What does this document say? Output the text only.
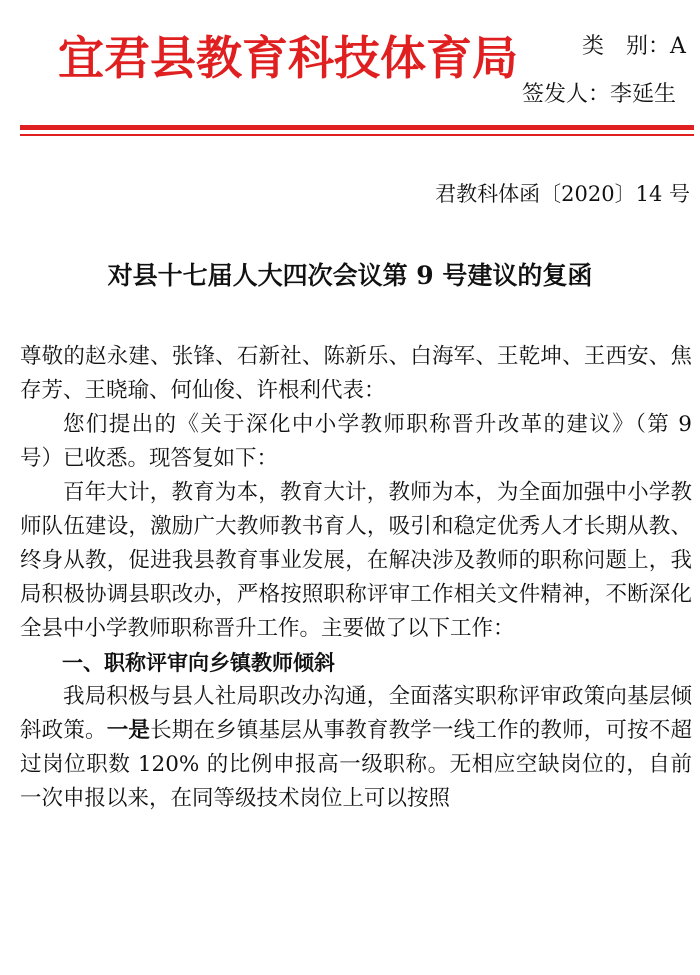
宜君县教育科技体育局	类　别：A
签发人：李延生
君教科体函〔2020〕14 号
对县十七届人大四次会议第 9 号建议的复函

尊敬的赵永建、张锋、石新社、陈新乐、白海军、王乾坤、王西安、焦存芳、王晓瑜、何仙俊、许根利代表：

您们提出的《关于深化中小学教师职称晋升改革的建议》（第 9 号）已收悉。现答复如下：

百年大计，教育为本，教育大计，教师为本，为全面加强中小学教师队伍建设，激励广大教师教书育人，吸引和稳定优秀人才长期从教、终身从教，促进我县教育事业发展，在解决涉及教师的职称问题上，我局积极协调县职改办，严格按照职称评审工作相关文件精神，不断深化全县中小学教师职称晋升工作。主要做了以下工作：

一、职称评审向乡镇教师倾斜

我局积极与县人社局职改办沟通，全面落实职称评审政策向基层倾斜政策。一是长期在乡镇基层从事教育教学一线工作的教师，可按不超过岗位职数 120% 的比例申报高一级职称。无相应空缺岗位的，自前一次申报以来，在同等级技术岗位上可以按照
